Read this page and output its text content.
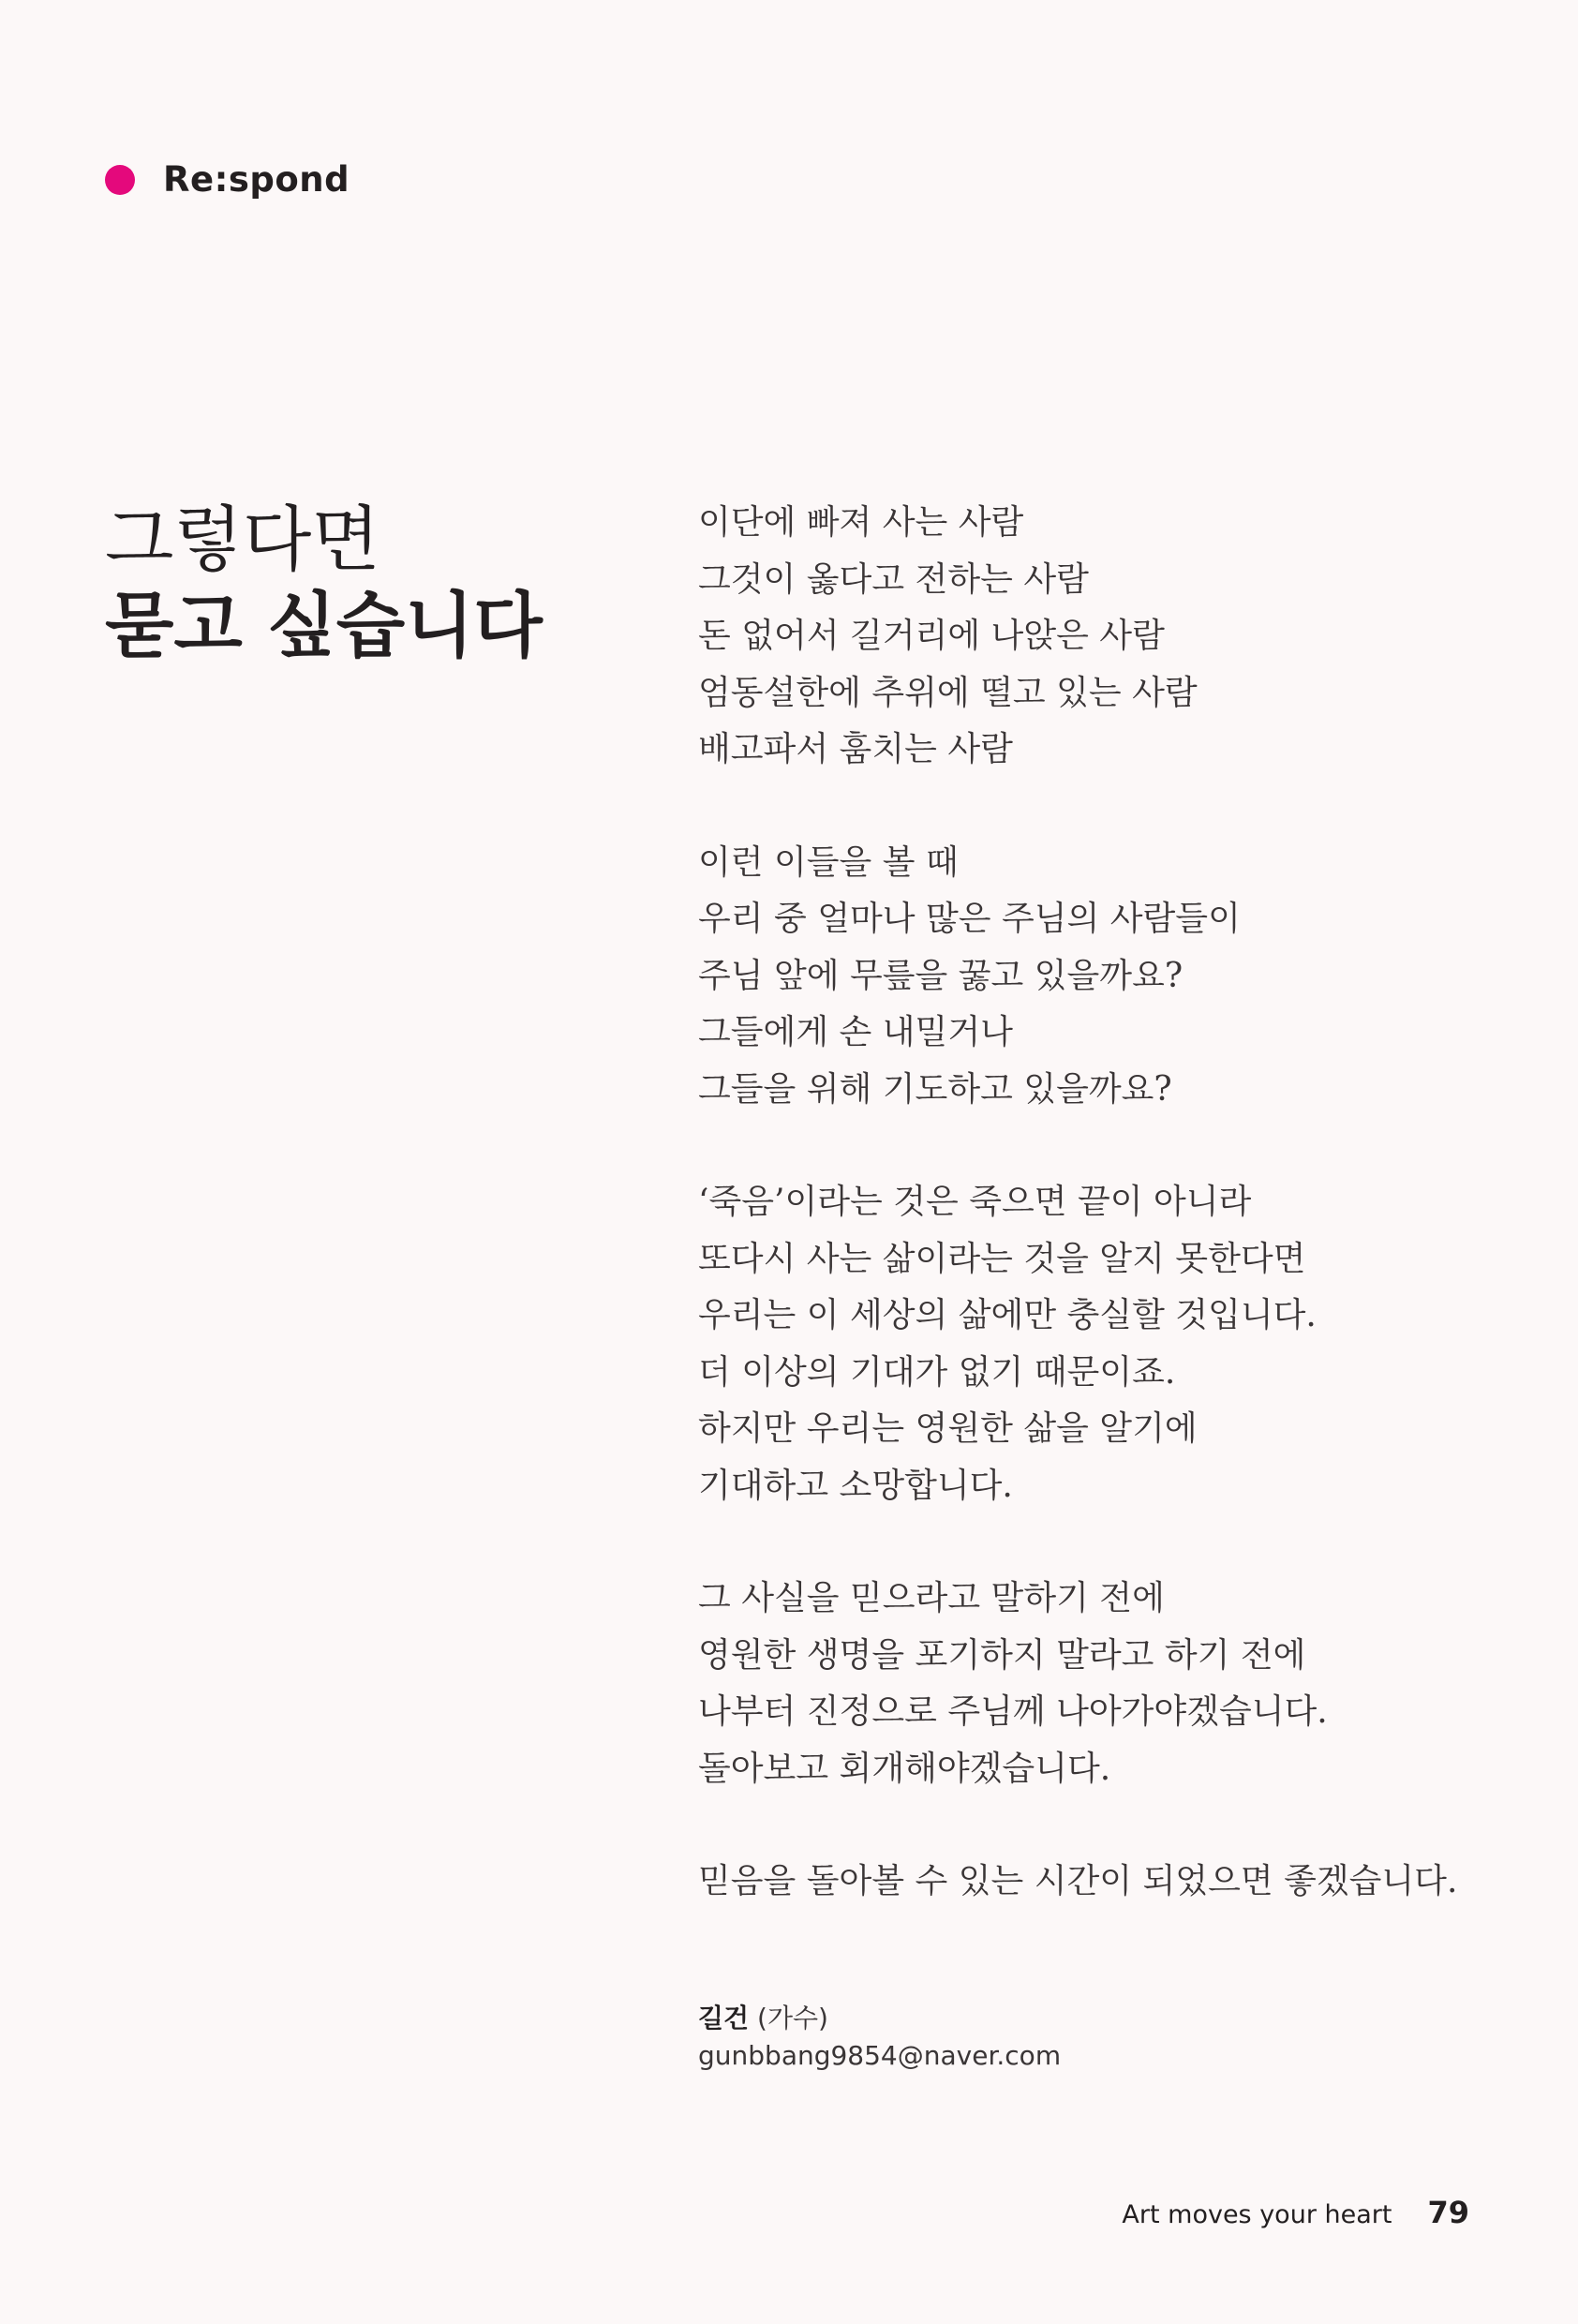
Re:spond
그렇다면
묻고 싶습니다
이단에 빠져 사는 사람
그것이 옳다고 전하는 사람
돈 없어서 길거리에 나앉은 사람
엄동설한에 추위에 떨고 있는 사람
배고파서 훔치는 사람
이런 이들을 볼 때
우리 중 얼마나 많은 주님의 사람들이
주님 앞에 무릎을 꿇고 있을까요?
그들에게 손 내밀거나
그들을 위해 기도하고 있을까요?
‘죽음’이라는 것은 죽으면 끝이 아니라
또다시 사는 삶이라는 것을 알지 못한다면
우리는 이 세상의 삶에만 충실할 것입니다.
더 이상의 기대가 없기 때문이죠.
하지만 우리는 영원한 삶을 알기에
기대하고 소망합니다.
그 사실을 믿으라고 말하기 전에
영원한 생명을 포기하지 말라고 하기 전에
나부터 진정으로 주님께 나아가야겠습니다.
돌아보고 회개해야겠습니다.
믿음을 돌아볼 수 있는 시간이 되었으면 좋겠습니다.
길건 (가수)
gunbbang9854@naver.com
Art moves your heart 79
